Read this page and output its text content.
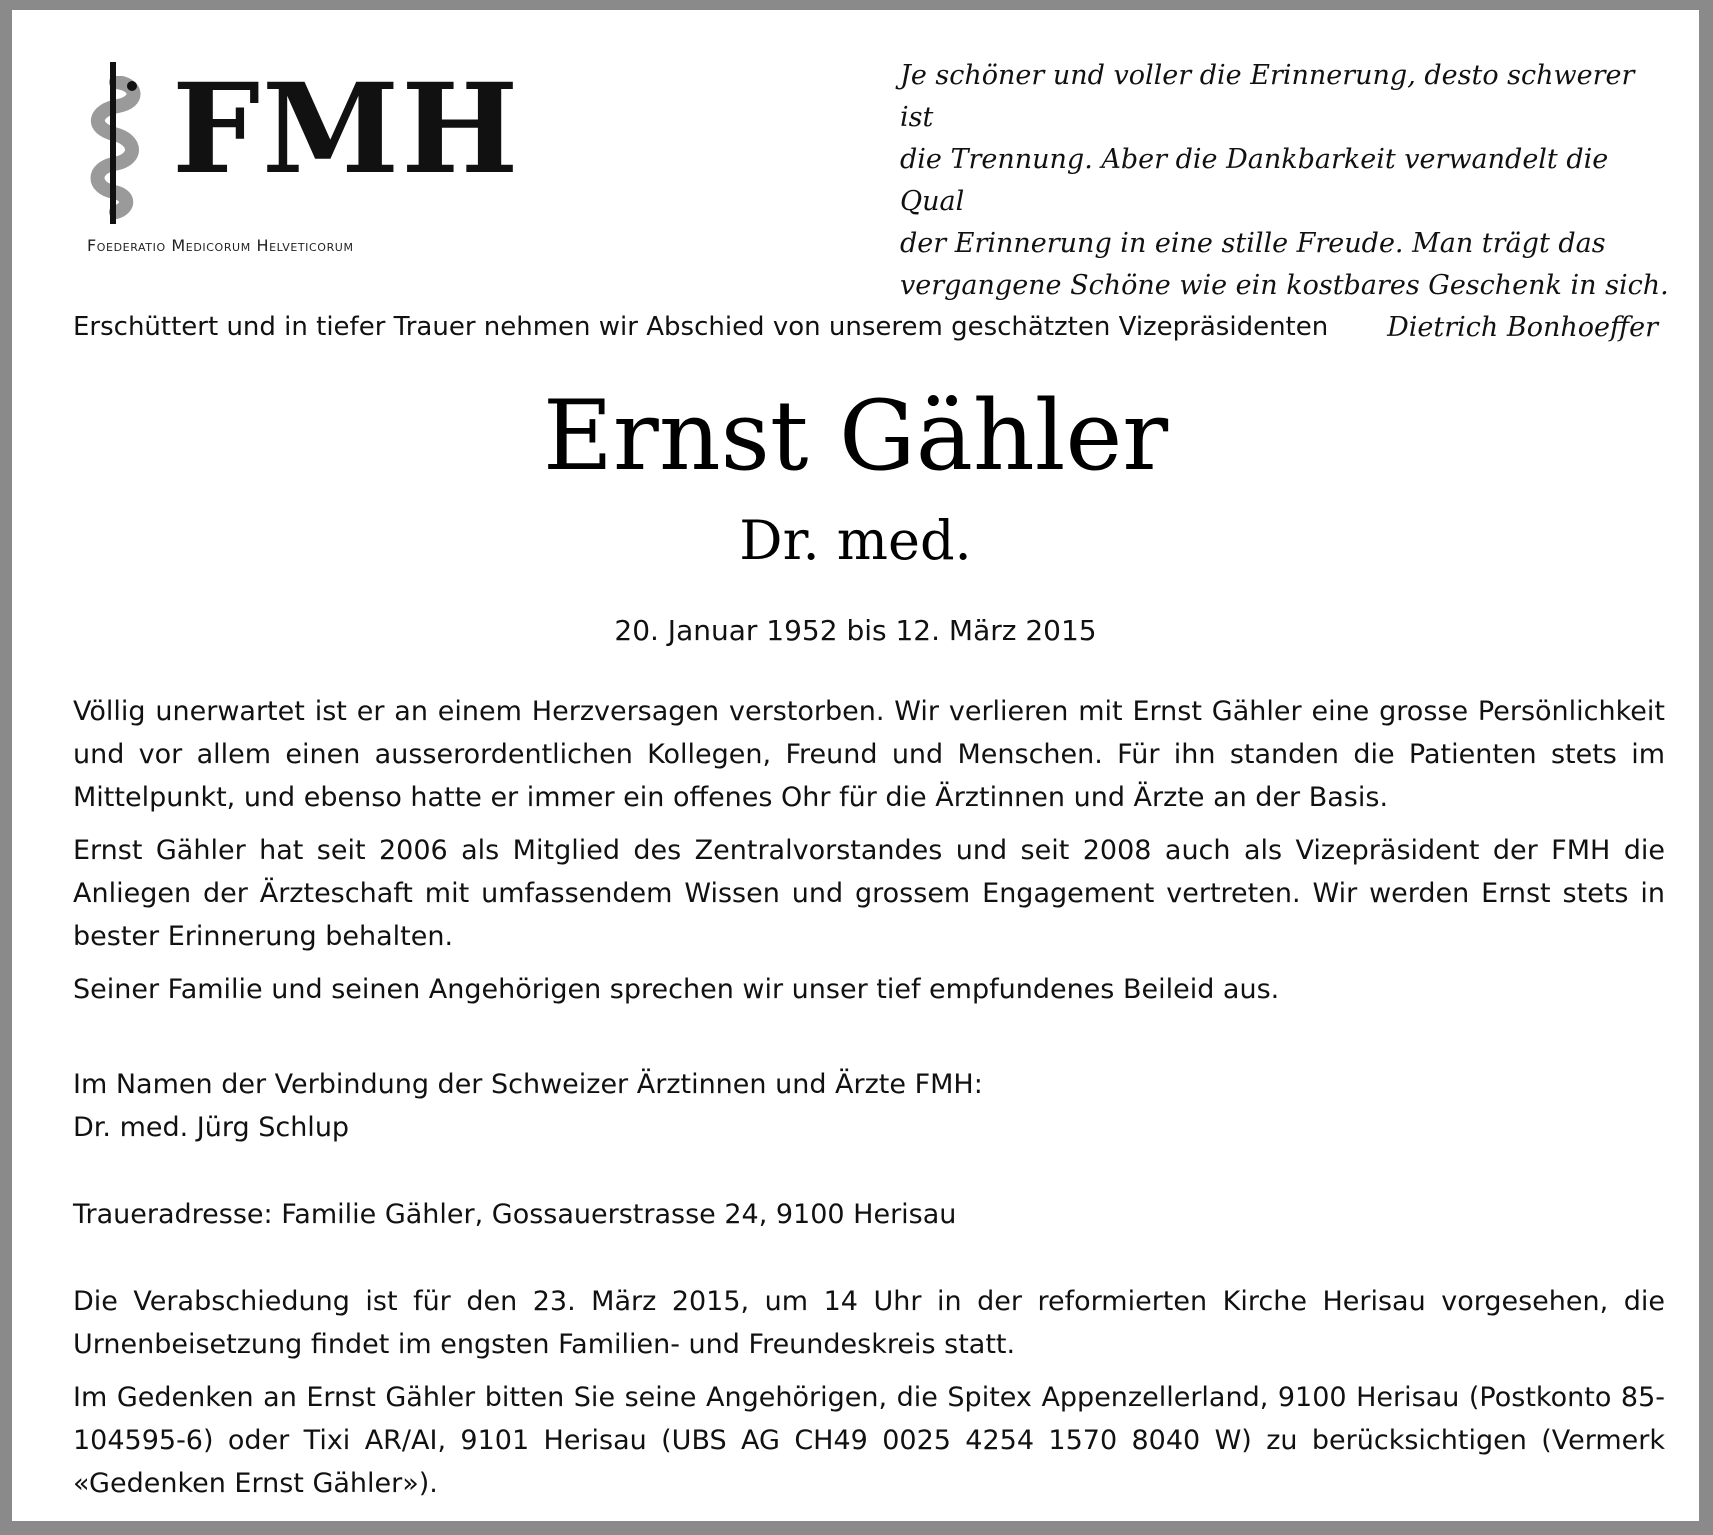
FMH
Foederatio Medicorum Helveticorum
Je schöner und voller die Erinnerung, desto schwerer ist
die Trennung. Aber die Dankbarkeit verwandelt die Qual
der Erinnerung in eine stille Freude. Man trägt das
vergangene Schöne wie ein kostbares Geschenk in sich.
Dietrich Bonhoeffer
Erschüttert und in tiefer Trauer nehmen wir Abschied von unserem geschätzten Vizepräsidenten
Ernst Gähler
Dr. med.
20. Januar 1952 bis 12. März 2015

Völlig unerwartet ist er an einem Herzversagen verstorben. Wir verlieren mit Ernst Gähler eine grosse Persönlichkeit und vor allem einen ausserordentlichen Kollegen, Freund und Menschen. Für ihn standen die Patienten stets im Mittelpunkt, und ebenso hatte er immer ein offenes Ohr für die Ärztinnen und Ärzte an der Basis.

Ernst Gähler hat seit 2006 als Mitglied des Zentralvorstandes und seit 2008 auch als Vizepräsident der FMH die Anliegen der Ärzteschaft mit umfassendem Wissen und grossem Engagement vertreten. Wir werden Ernst stets in bester Erinnerung behalten.

Seiner Familie und seinen Angehörigen sprechen wir unser tief empfundenes Beileid aus.

Im Namen der Verbindung der Schweizer Ärztinnen und Ärzte FMH:

Dr. med. Jürg Schlup

Traueradresse: Familie Gähler, Gossauerstrasse 24, 9100 Herisau

Die Verabschiedung ist für den 23. März 2015, um 14 Uhr in der reformierten Kirche Herisau vorgesehen, die Urnenbeisetzung findet im engsten Familien- und Freundeskreis statt.

Im Gedenken an Ernst Gähler bitten Sie seine Angehörigen, die Spitex Appenzellerland, 9100 Herisau (Postkonto 85-104595-6) oder Tixi AR/AI, 9101 Herisau (UBS AG CH49 0025 4254 1570 8040 W) zu berücksichtigen (Vermerk «Gedenken Ernst Gähler»).
